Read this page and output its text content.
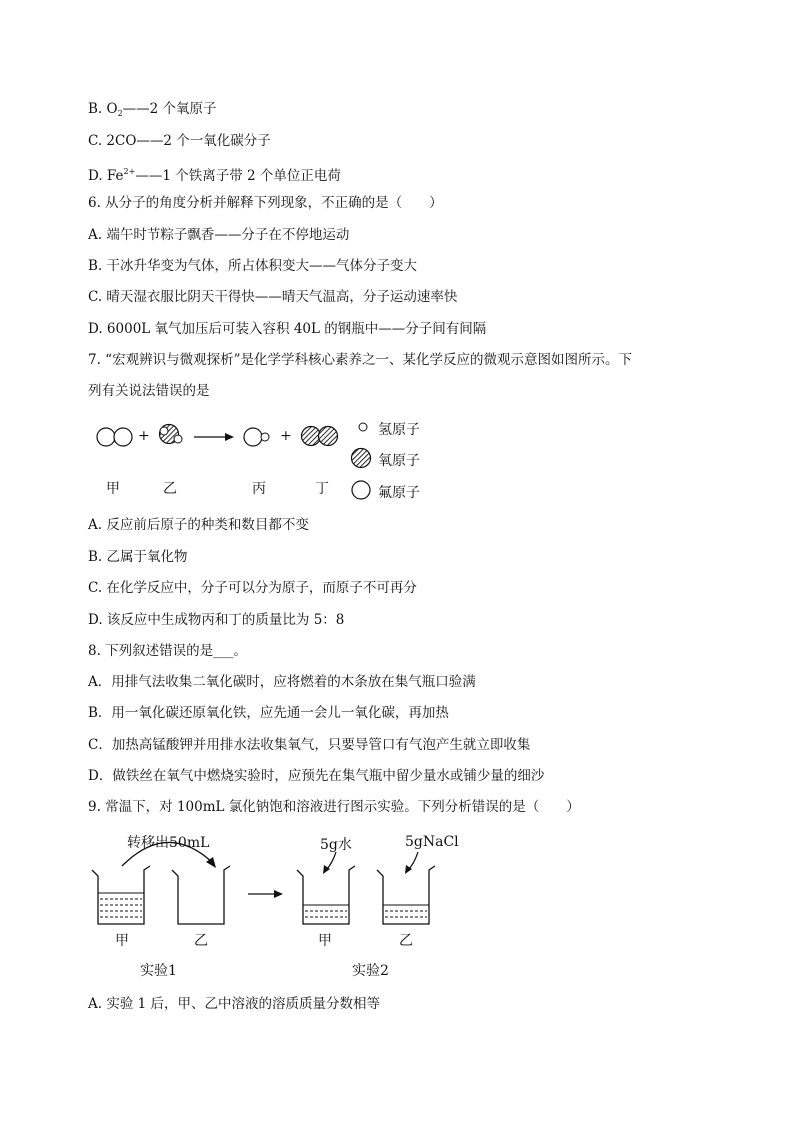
B. $O_2——2$ 个氧原子
C. 2CO——2 个一氧化碳分子
D. $Fe^{2+}——1$ 个铁离子带 2 个单位正电荷
6. 从分子的角度分析并解释下列现象，不正确的是（　　）
A. 端午时节粽子飘香——分子在不停地运动
B. 干冰升华变为气体，所占体积变大——气体分子变大
C. 晴天湿衣服比阴天干得快——晴天气温高，分子运动速率快
D. 6000L 氧气加压后可装入容积 40L 的钢瓶中——分子间有间隔
7. “宏观辨识与微观探析”是化学学科核心素养之一、某化学反应的微观示意图如图所示。下
列有关说法错误的是
+	+
甲	乙	丙	丁
氢原子
氧原子
氟原子
A. 反应前后原子的种类和数目都不变
B. 乙属于氧化物
C. 在化学反应中，分子可以分为原子，而原子不可再分
D. 该反应中生成物丙和丁的质量比为 5：8
8. 下列叙述错误的是___。
A．用排气法收集二氧化碳时，应将燃着的木条放在集气瓶口验满
B．用一氧化碳还原氧化铁，应先通一会儿一氧化碳，再加热
C．加热高锰酸钾并用排水法收集氧气，只要导管口有气泡产生就立即收集
D．做铁丝在氧气中燃烧实验时，应预先在集气瓶中留少量水或铺少量的细沙
9. 常温下，对 100mL 氯化钠饱和溶液进行图示实验。下列分析错误的是（　　）
转移出50mL	5g水	5gNaCl
甲	乙	甲	乙
实验1	实验2
A. 实验 1 后，甲、乙中溶液的溶质质量分数相等
